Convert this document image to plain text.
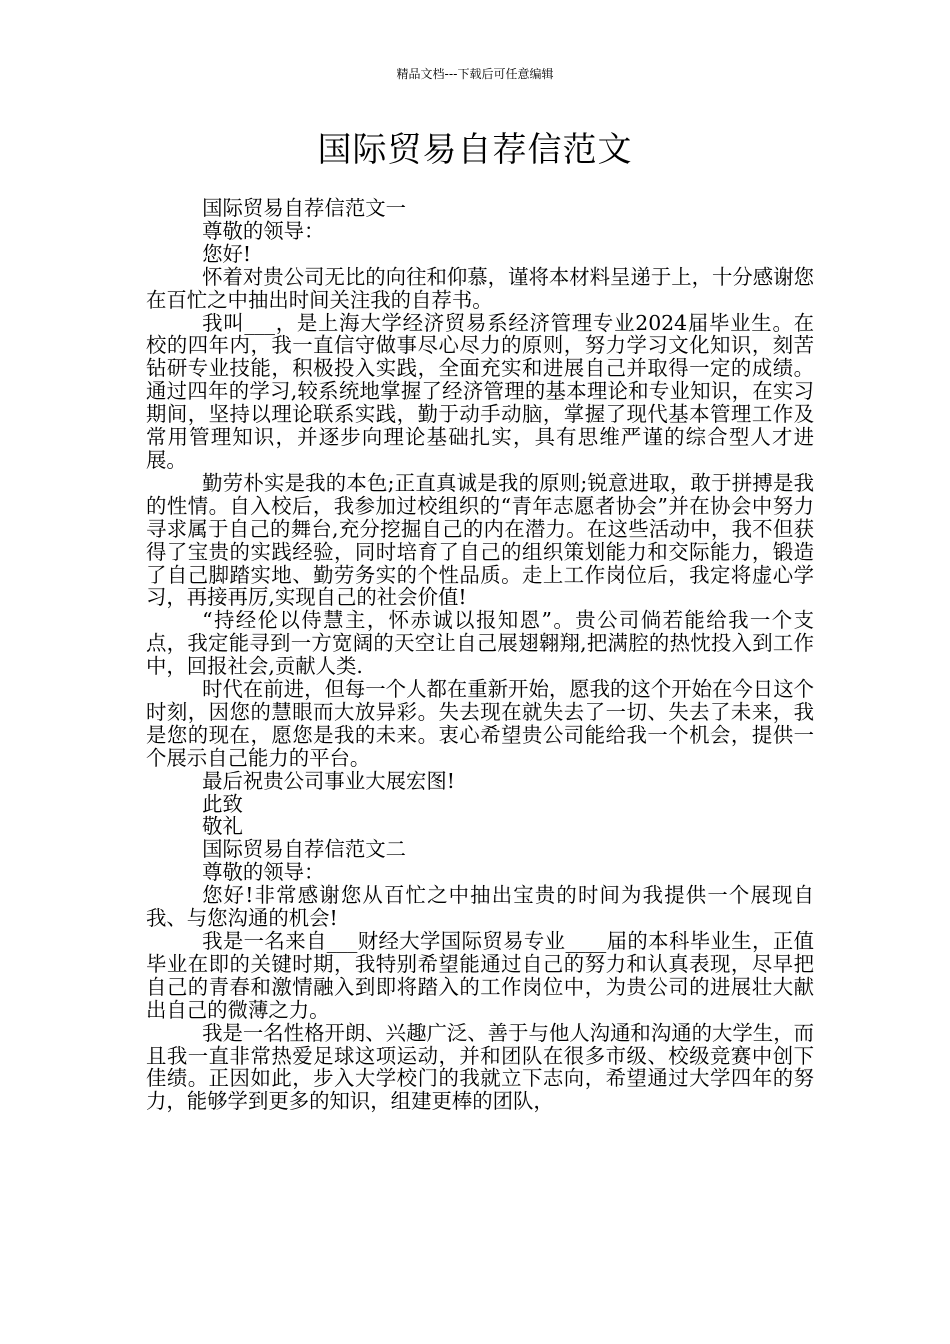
精品文档---下载后可任意编辑
国际贸易自荐信范文

国际贸易自荐信范文一

尊敬的领导：

您好!

怀着对贵公司无比的向往和仰慕，谨将本材料呈递于上，十分感谢您在百忙之中抽出时间关注我的自荐书。

我叫___，是上海大学经济贸易系经济管理专业2024届毕业生。在校的四年内，我一直信守做事尽心尽力的原则，努力学习文化知识，刻苦钻研专业技能，积极投入实践，全面充实和进展自己并取得一定的成绩。通过四年的学习,较系统地掌握了经济管理的基本理论和专业知识，在实习期间，坚持以理论联系实践，勤于动手动脑，掌握了现代基本管理工作及常用管理知识，并逐步向理论基础扎实，具有思维严谨的综合型人才进展。

勤劳朴实是我的本色;正直真诚是我的原则;锐意进取，敢于拼搏是我的性情。自入校后，我参加过校组织的“青年志愿者协会”并在协会中努力寻求属于自己的舞台,充分挖掘自己的内在潜力。在这些活动中，我不但获得了宝贵的实践经验，同时培育了自己的组织策划能力和交际能力，锻造了自己脚踏实地、勤劳务实的个性品质。走上工作岗位后，我定将虚心学习，再接再厉,实现自己的社会价值!

“持经伦以侍慧主，怀赤诚以报知恩”。贵公司倘若能给我一个支点，我定能寻到一方宽阔的天空让自己展翅翱翔,把满腔的热忱投入到工作中，回报社会,贡献人类.

时代在前进，但每一个人都在重新开始，愿我的这个开始在今日这个时刻，因您的慧眼而大放异彩。失去现在就失去了一切、失去了未来，我是您的现在，愿您是我的未来。衷心希望贵公司能给我一个机会，提供一个展示自己能力的平台。

最后祝贵公司事业大展宏图!

此致

敬礼

国际贸易自荐信范文二

尊敬的领导：

您好!非常感谢您从百忙之中抽出宝贵的时间为我提供一个展现自我、与您沟通的机会!

我是一名来自___财经大学国际贸易专业____届的本科毕业生，正值毕业在即的关键时期，我特别希望能通过自己的努力和认真表现，尽早把自己的青春和激情融入到即将踏入的工作岗位中，为贵公司的进展壮大献出自己的微薄之力。

我是一名性格开朗、兴趣广泛、善于与他人沟通和沟通的大学生，而且我一直非常热爱足球这项运动，并和团队在很多市级、校级竞赛中创下佳绩。正因如此，步入大学校门的我就立下志向，希望通过大学四年的努力，能够学到更多的知识，组建更棒的团队，
